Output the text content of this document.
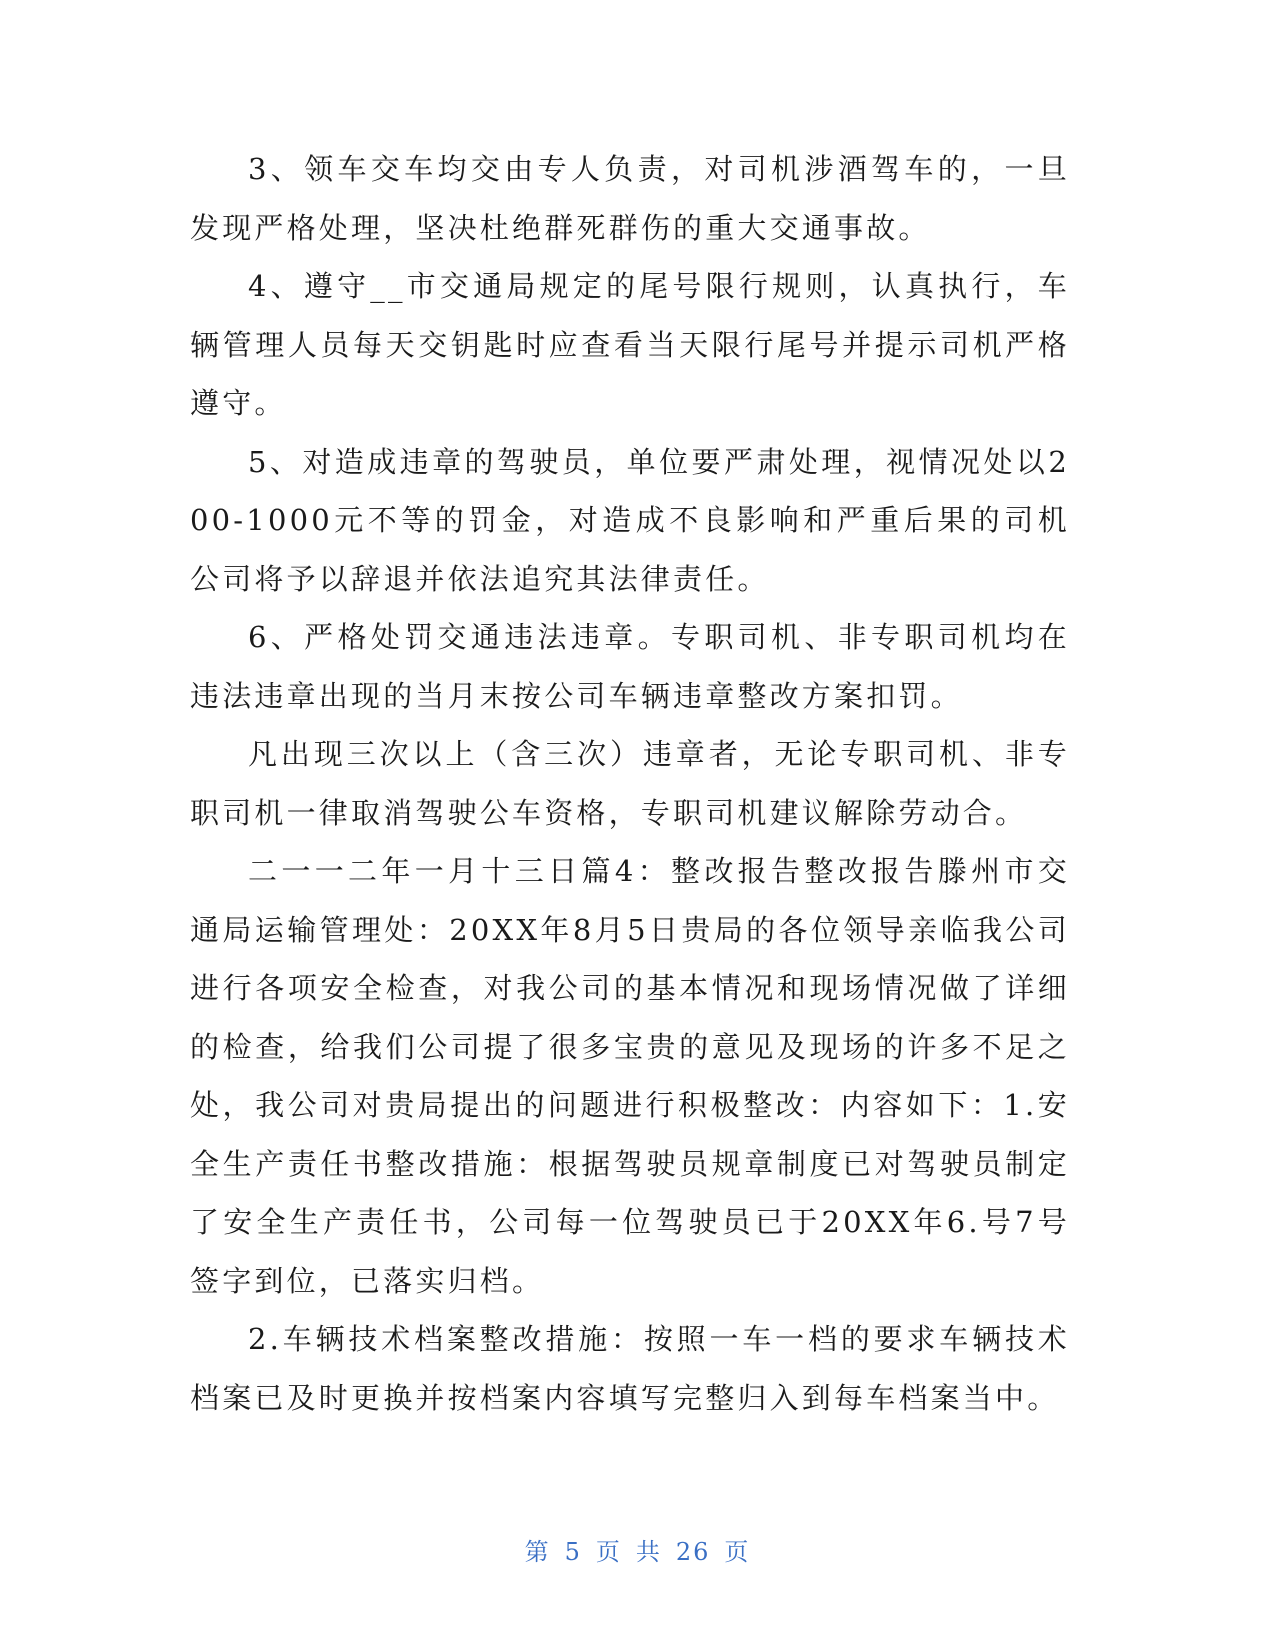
3、领车交车均交由专人负责，对司机涉酒驾车的，一旦发现严格处理，坚决杜绝群死群伤的重大交通事故。

4、遵守__市交通局规定的尾号限行规则，认真执行，车辆管理人员每天交钥匙时应查看当天限行尾号并提示司机严格遵守。

5、对造成违章的驾驶员，单位要严肃处理，视情况处以200-1000元不等的罚金，对造成不良影响和严重后果的司机公司将予以辞退并依法追究其法律责任。

6、严格处罚交通违法违章。专职司机、非专职司机均在违法违章出现的当月末按公司车辆违章整改方案扣罚。

凡出现三次以上（含三次）违章者，无论专职司机、非专职司机一律取消驾驶公车资格，专职司机建议解除劳动合。

二一一二年一月十三日篇4：整改报告整改报告滕州市交通局运输管理处：20XX年8月5日贵局的各位领导亲临我公司进行各项安全检查，对我公司的基本情况和现场情况做了详细的检查，给我们公司提了很多宝贵的意见及现场的许多不足之处，我公司对贵局提出的问题进行积极整改：内容如下：1.安全生产责任书整改措施：根据驾驶员规章制度已对驾驶员制定了安全生产责任书，公司每一位驾驶员已于20XX年6.号7号签字到位，已落实归档。

2.车辆技术档案整改措施：按照一车一档的要求车辆技术档案已及时更换并按档案内容填写完整归入到每车档案当中。

第 5 页 共 26 页
